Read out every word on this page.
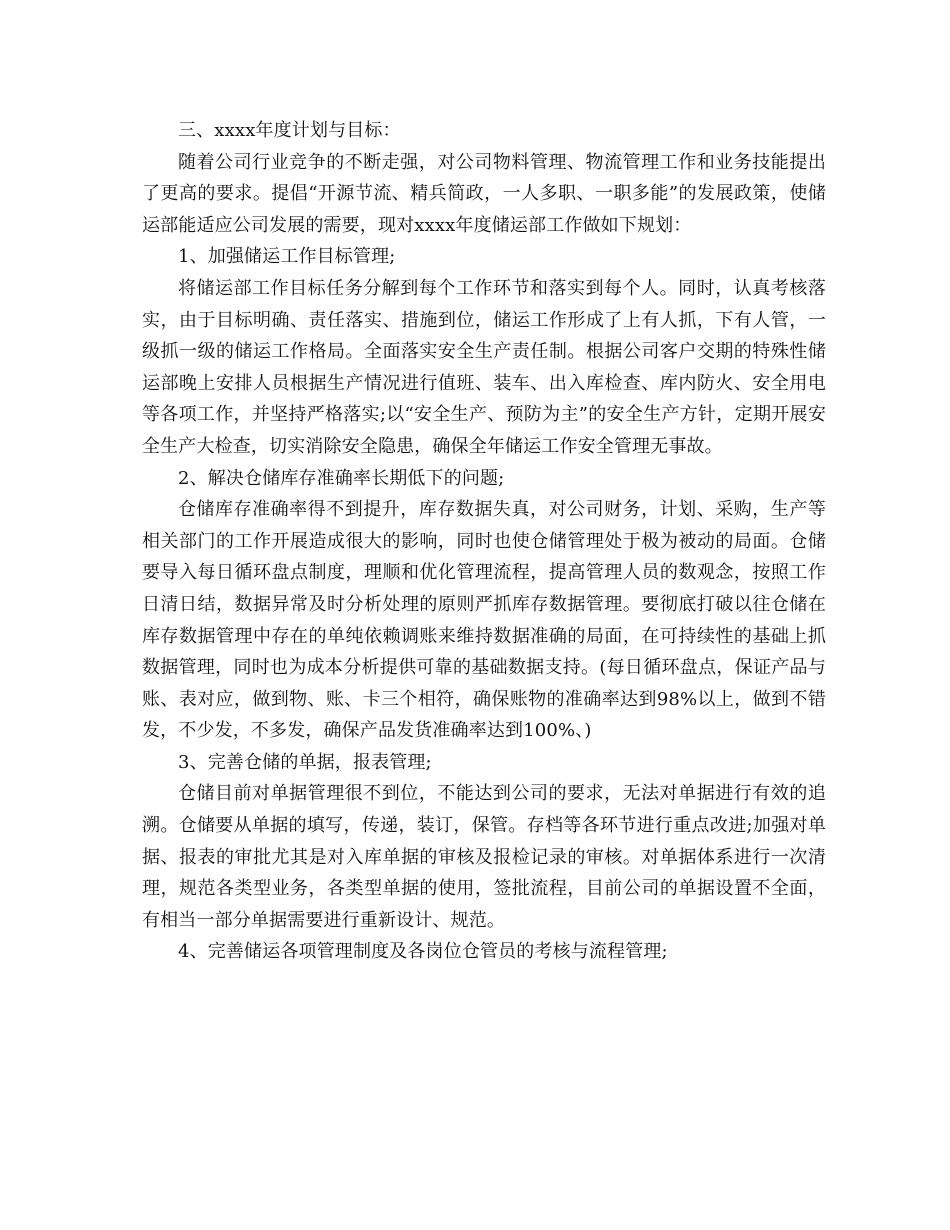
三、xxxx年度计划与目标：

随着公司行业竞争的不断走强，对公司物料管理、物流管理工作和业务技能提出了更高的要求。提倡“开源节流、精兵简政，一人多职、一职多能”的发展政策，使储运部能适应公司发展的需要，现对xxxx年度储运部工作做如下规划：

1、加强储运工作目标管理;

将储运部工作目标任务分解到每个工作环节和落实到每个人。同时，认真考核落实，由于目标明确、责任落实、措施到位，储运工作形成了上有人抓，下有人管，一级抓一级的储运工作格局。全面落实安全生产责任制。根据公司客户交期的特殊性储运部晚上安排人员根据生产情况进行值班、装车、出入库检查、库内防火、安全用电等各项工作，并坚持严格落实;以“安全生产、预防为主”的安全生产方针，定期开展安全生产大检查，切实消除安全隐患，确保全年储运工作安全管理无事故。

2、解决仓储库存准确率长期低下的问题;

仓储库存准确率得不到提升，库存数据失真，对公司财务，计划、采购，生产等相关部门的工作开展造成很大的影响，同时也使仓储管理处于极为被动的局面。仓储要导入每日循环盘点制度，理顺和优化管理流程，提高管理人员的数观念，按照工作日清日结，数据异常及时分析处理的原则严抓库存数据管理。要彻底打破以往仓储在库存数据管理中存在的单纯依赖调账来维持数据准确的局面，在可持续性的基础上抓数据管理，同时也为成本分析提供可靠的基础数据支持。(每日循环盘点，保证产品与账、表对应，做到物、账、卡三个相符，确保账物的准确率达到98%以上，做到不错发，不少发，不多发，确保产品发货准确率达到100%、)

3、完善仓储的单据，报表管理;

仓储目前对单据管理很不到位，不能达到公司的要求，无法对单据进行有效的追溯。仓储要从单据的填写，传递，装订，保管。存档等各环节进行重点改进;加强对单据、报表的审批尤其是对入库单据的审核及报检记录的审核。对单据体系进行一次清理，规范各类型业务，各类型单据的使用，签批流程，目前公司的单据设置不全面，有相当一部分单据需要进行重新设计、规范。

4、完善储运各项管理制度及各岗位仓管员的考核与流程管理;
